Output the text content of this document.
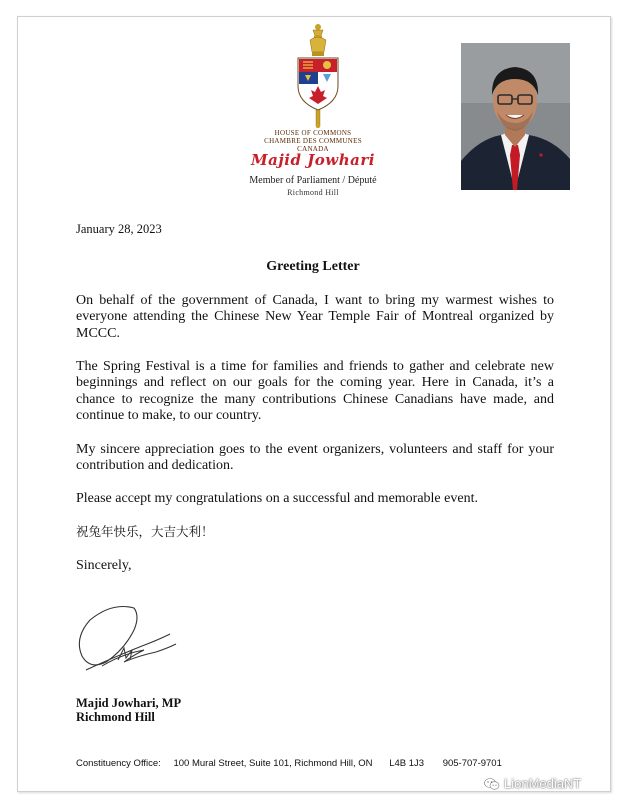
HOUSE OF COMMONS
CHAMBRE DES COMMUNES
CANADA
Majid Jowhari
Member of Parliament / Député
Richmond Hill
January 28, 2023
Greeting Letter

On behalf of the government of Canada, I want to bring my warmest wishes to everyone attending the Chinese New Year Temple Fair of Montreal organized by MCCC.

The Spring Festival is a time for families and friends to gather and celebrate new beginnings and reflect on our goals for the coming year. Here in Canada, it’s a chance to recognize the many contributions Chinese Canadians have made, and continue to make, to our country.

My sincere appreciation goes to the event organizers, volunteers and staff for your contribution and dedication.

Please accept my congratulations on a successful and memorable event.

祝兔年快乐，大吉大利！

Sincerely,

Majid Jowhari, MP
Richmond Hill
Constituency Office: 100 Mural Street, Suite 101, Richmond Hill, ON L4B 1J3 905-707-9701
LionMediaNT
